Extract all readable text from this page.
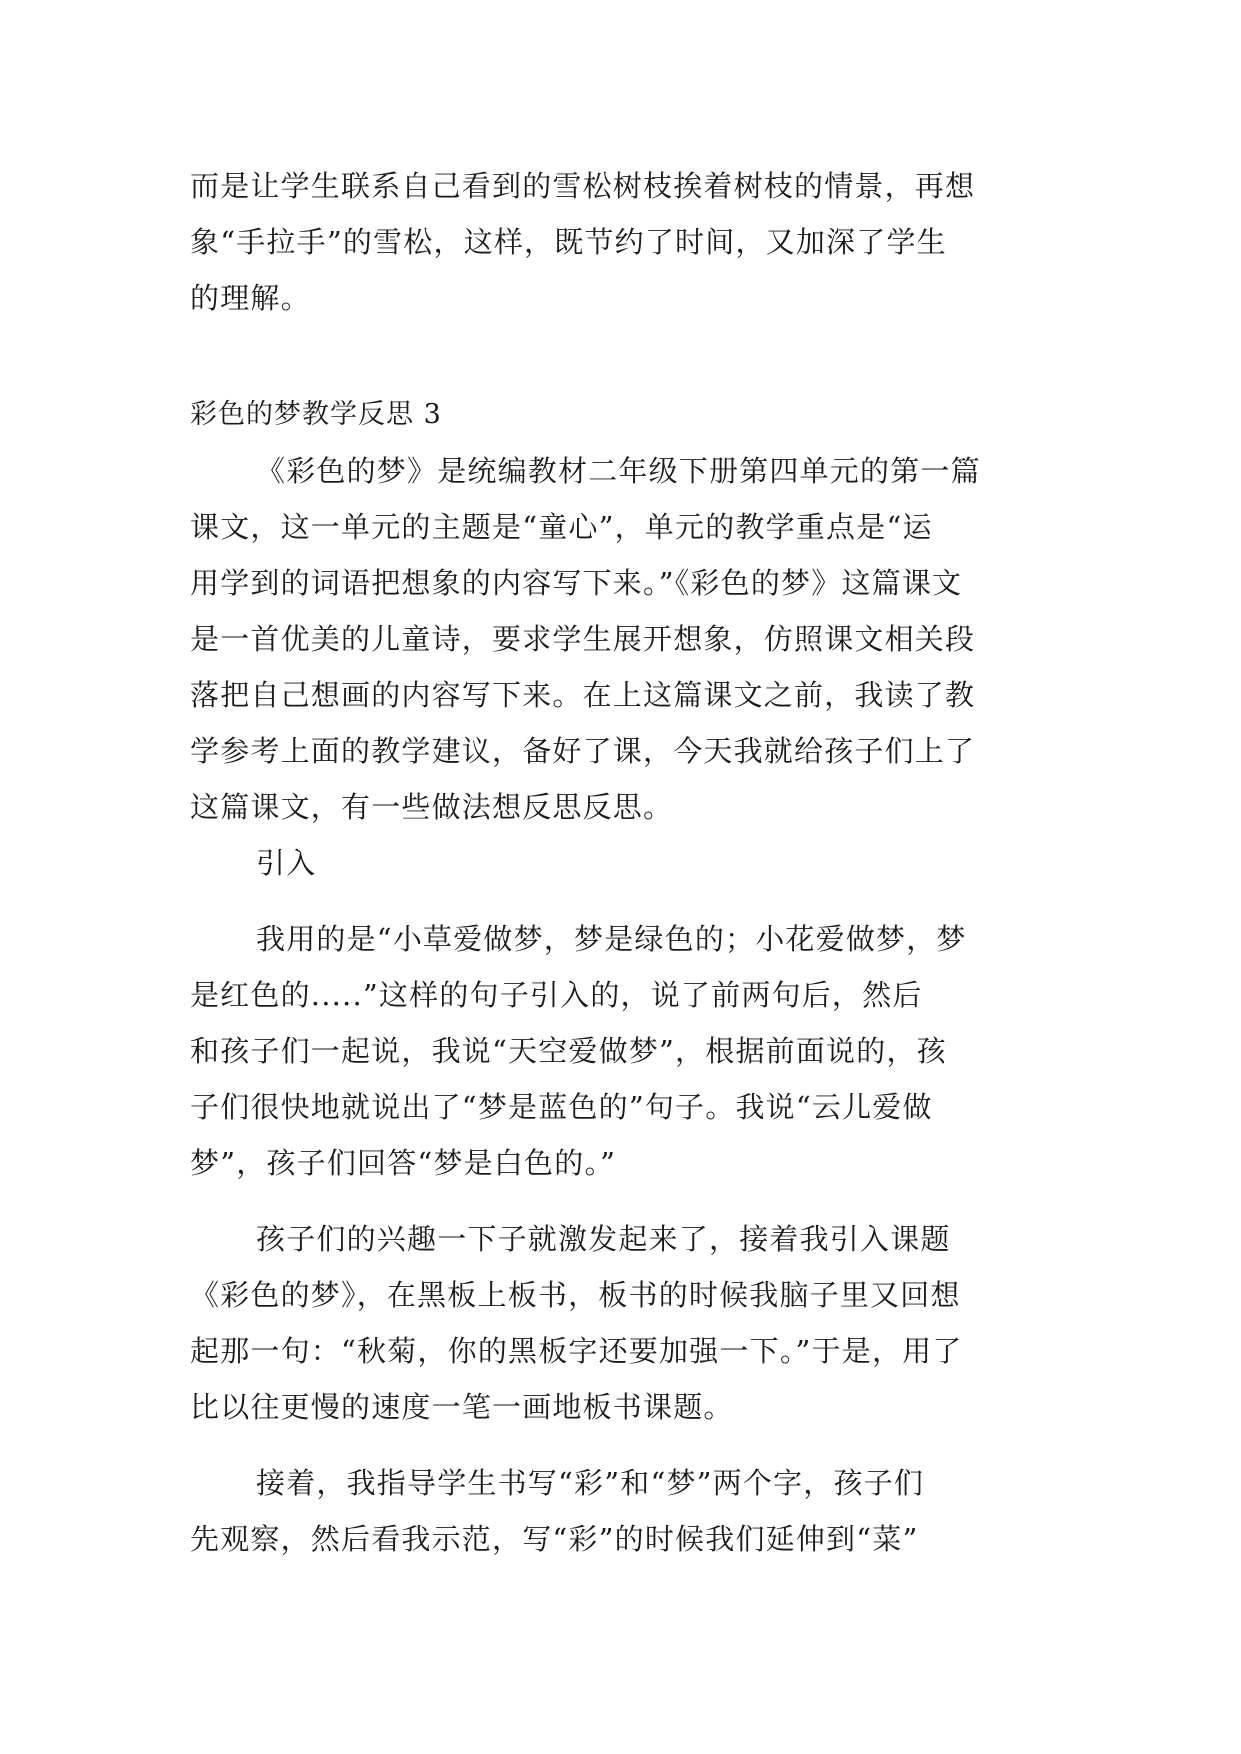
而是让学生联系自己看到的雪松树枝挨着树枝的情景，再想
象“手拉手”的雪松，这样，既节约了时间，又加深了学生
的理解。
彩色的梦教学反思 3
《彩色的梦》是统编教材二年级下册第四单元的第一篇
课文，这一单元的主题是“童心”，单元的教学重点是“运
用学到的词语把想象的内容写下来。”《彩色的梦》这篇课文
是一首优美的儿童诗，要求学生展开想象，仿照课文相关段
落把自己想画的内容写下来。在上这篇课文之前，我读了教
学参考上面的教学建议，备好了课，今天我就给孩子们上了
这篇课文，有一些做法想反思反思。
引入
我用的是“小草爱做梦，梦是绿色的；小花爱做梦，梦
是红色的.....”这样的句子引入的，说了前两句后，然后
和孩子们一起说，我说“天空爱做梦”，根据前面说的，孩
子们很快地就说出了“梦是蓝色的”句子。我说“云儿爱做
梦”，孩子们回答“梦是白色的。”
孩子们的兴趣一下子就激发起来了，接着我引入课题
《彩色的梦》，在黑板上板书，板书的时候我脑子里又回想
起那一句：“秋菊，你的黑板字还要加强一下。”于是，用了
比以往更慢的速度一笔一画地板书课题。
接着，我指导学生书写“彩”和“梦”两个字，孩子们
先观察，然后看我示范，写“彩”的时候我们延伸到“菜”
